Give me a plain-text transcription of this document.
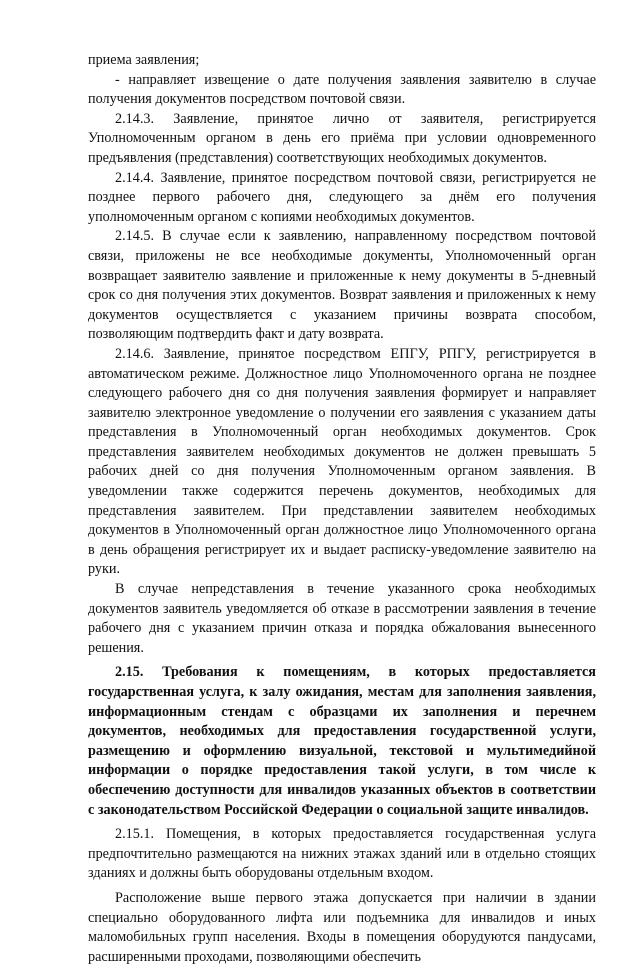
приема заявления;

- направляет извещение о дате получения заявления заявителю в случае получения документов посредством почтовой связи.

2.14.3. Заявление, принятое лично от заявителя, регистрируется Уполномоченным органом в день его приёма при условии одновременного предъявления (представления) соответствующих необходимых документов.

2.14.4. Заявление, принятое посредством почтовой связи, регистрируется не позднее первого рабочего дня, следующего за днём его получения уполномоченным органом с копиями необходимых документов.

2.14.5. В случае если к заявлению, направленному посредством почтовой связи, приложены не все необходимые документы, Уполномоченный орган возвращает заявителю заявление и приложенные к нему документы в 5-дневный срок со дня получения этих документов. Возврат заявления и приложенных к нему документов осуществляется с указанием причины возврата способом, позволяющим подтвердить факт и дату возврата.

2.14.6. Заявление, принятое посредством ЕПГУ, РПГУ, регистрируется в автоматическом режиме. Должностное лицо Уполномоченного органа не позднее следующего рабочего дня со дня получения заявления формирует и направляет заявителю электронное уведомление о получении его заявления с указанием даты представления в Уполномоченный орган необходимых документов. Срок представления заявителем необходимых документов не должен превышать 5 рабочих дней со дня получения Уполномоченным органом заявления. В уведомлении также содержится перечень документов, необходимых для представления заявителем. При представлении заявителем необходимых документов в Уполномоченный орган должностное лицо Уполномоченного органа в день обращения регистрирует их и выдает расписку-уведомление заявителю на руки.

В случае непредставления в течение указанного срока необходимых документов заявитель уведомляется об отказе в рассмотрении заявления в течение рабочего дня с указанием причин отказа и порядка обжалования вынесенного решения.

2.15. Требования к помещениям, в которых предоставляется государственная услуга, к залу ожидания, местам для заполнения заявления, информационным стендам с образцами их заполнения и перечнем документов, необходимых для предоставления государственной услуги, размещению и оформлению визуальной, текстовой и мультимедийной информации о порядке предоставления такой услуги, в том числе к обеспечению доступности для инвалидов указанных объектов в соответствии с законодательством Российской Федерации о социальной защите инвалидов.

2.15.1. Помещения, в которых предоставляется государственная услуга предпочтительно размещаются на нижних этажах зданий или в отдельно стоящих зданиях и должны быть оборудованы отдельным входом.

Расположение выше первого этажа допускается при наличии в здании специально оборудованного лифта или подъемника для инвалидов и иных маломобильных групп населения. Входы в помещения оборудуются пандусами, расширенными проходами, позволяющими обеспечить
